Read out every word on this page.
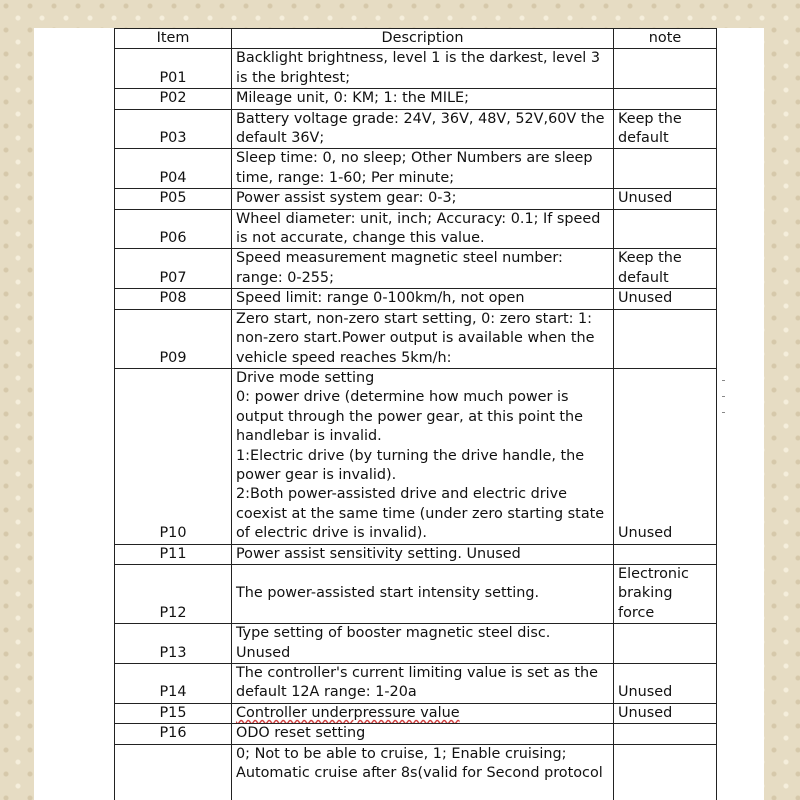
Item	Description	note
P01	Backlight brightness, level 1 is the darkest, level 3 is the brightest;	
P02	Mileage unit, 0: KM; 1: the MILE;	
P03	Battery voltage grade: 24V, 36V, 48V, 52V,60V the default 36V;	Keep the default
P04	Sleep time: 0, no sleep; Other Numbers are sleep time, range: 1-60; Per minute;	
P05	Power assist system gear: 0-3;	Unused
P06	Wheel diameter: unit, inch; Accuracy: 0.1; If speed is not accurate, change this value.	
P07	Speed measurement magnetic steel number: range: 0-255;	Keep the default
P08	Speed limit: range 0-100km/h, not open	Unused
P09	Zero start, non-zero start setting, 0: zero start: 1: non-zero start.Power output is available when the vehicle speed reaches 5km/h:	
P10	Drive mode setting
0: power drive (determine how much power is output through the power gear, at this point the handlebar is invalid.
1:Electric drive (by turning the drive handle, the power gear is invalid).
2:Both power-assisted drive and electric drive coexist at the same time (under zero starting state of electric drive is invalid).	Unused
P11	Power assist sensitivity setting. Unused	
P12	The power-assisted start intensity setting.	Electronic braking force
P13	Type setting of booster magnetic steel disc. Unused	
P14	The controller's current limiting value is set as the default 12A range: 1-20a	Unused
P15	Controller underpressure value	Unused
P16	ODO reset setting	
	0; Not to be able to cruise, 1; Enable cruising; Automatic cruise after 8s(valid for Second protocol	
